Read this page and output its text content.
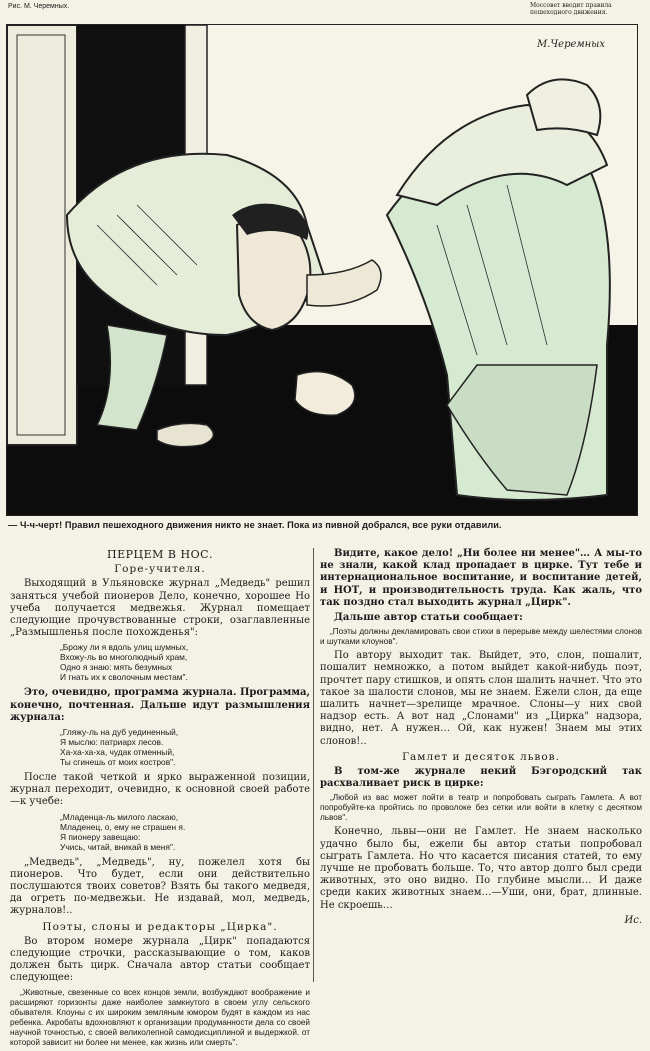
Рис. М. Черемных.	Моссовет вводит правила пешеходного движения.
М.Черемных
— Ч-ч-черт! Правил пешеходного движения никто не знает. Пока из пивной добрался, все руки отдавили.
ПЕРЦЕМ В НОС.
Горе-учителя.

Выходящий в Ульяновске журнал „Медведь" решил заняться учебой пионеров Дело, конечно, хорошее Но учеба получается медвежья. Журнал помещает следующие прочувствованные строки, озаглавленные „Размышленья после похожденья":

„Брожу ли я вдоль улиц шумных,
Вхожу-ль во многолюдный храм,
Одно я знаю: мять безумных
И гнать их к сволочным местам".

Это, очевидно, программа журнала. Программа, конечно, почтенная. Дальше идут размышления журнала:

„Гляжу-ль на дуб уединенный,
Я мыслю: патриарх лесов.
Ха-ха-ха-ха, чудак отменный,
Ты сгинешь от моих костров".

После такой четкой и ярко выраженной позиции, журнал переходит, очевидно, к основной своей работе—к учебе:

„Младенца-ль милого ласкаю,
Младенец, о, ему не страшен я.
Я пионеру завещаю:
Учись, читай, вникай в меня".

„Медведь", „Медведь", ну, пожелел хотя бы пионеров. Что будет, если они действительно послушаются твоих советов? Взять бы такого медведя, да огреть по-медвежьи. Не издавай, мол, медведь, журналов!..

Поэты, слоны и редакторы „Цирка".

Во втором номере журнала „Цирк" попадаются следующие строчки, рассказывающие о том, каков должен быть цирк. Сначала автор статьи сообщает следующее:

„Животные, свезенные со всех концов земли, возбуждают воображение и расширяют горизонты даже наиболее замкнутого в своем углу сельского обывателя. Клоуны с их широким земляным юмором будят в каждом из нас ребенка. Акробаты вдохновляют к организации продуманности дела со своей научной точностью, с своей великолепной самодисциплиной и выдержкой. от которой зависит ни более ни менее, как жизнь или смерть".

Видите, какое дело! „Ни более ни менее"… А мы-то не знали, какой клад пропадает в цирке. Тут тебе и интернациональное воспитание, и воспитание детей, и НОТ, и производительность труда. Как жаль, что так поздно стал выходить журнал „Цирк".

Дальше автор статьи сообщает:

„Поэты должны декламировать свои стихи в перерыве между шелестями слонов и шутками клоунов".

По автору выходит так. Выйдет, это, слон, пошалит, пошалит немножко, а потом выйдет какой-нибудь поэт, прочтет пару стишков, и опять слон шалить начнет. Что это такое за шалости слонов, мы не знаем. Ежели слон, да еще шалить начнет—зрелище мрачное. Слоны—у них свой надзор есть. А вот над „Слонами" из „Цирка" надзора, видно, нет. А нужен… Ой, как нужен! Знаем мы этих слонов!..

Гамлет и десяток львов.

В том-же журнале некий Бэгородский так расхваливает риск в цирке:

„Любой из вас может пойти в театр и попробовать сыграть Гамлета. А вот попробуйте-ка пройтись по проволоке без сетки или войти в клетку с десятком львов".

Конечно, львы—они не Гамлет. Не знаем насколько удачно было бы, ежели бы автор статьи попробовал сыграть Гамлета. Но что касается писания статей, то ему лучше не пробовать больше. То, что автор долго был среди животных, это оно видно. По глубине мысли… И даже среди каких животных знаем…—Уши, они, брат, длинные. Не скроешь…

Ис.
